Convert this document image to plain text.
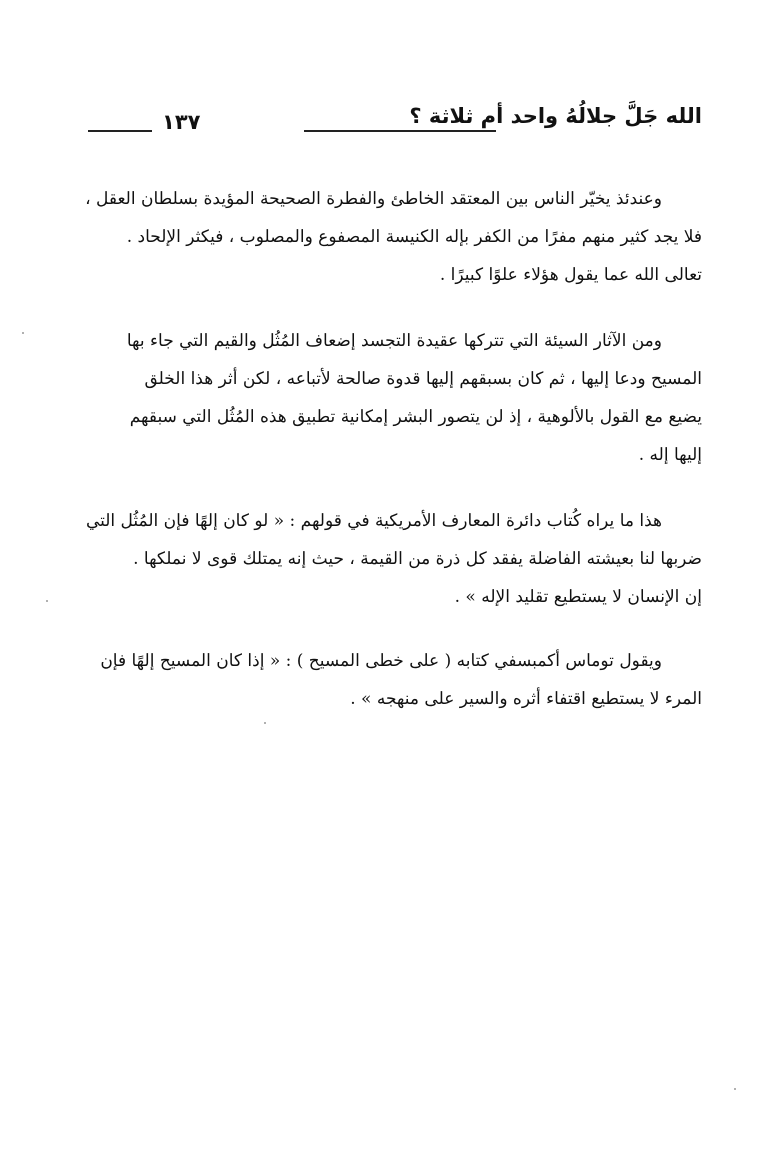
الله جَلَّ جلالُهُ واحد أم ثلاثة ؟
١٣٧
وعندئذ يخيّر الناس بين المعتقد الخاطئ والفطرة الصحيحة المؤيدة بسلطان العقل ،
فلا يجد كثير منهم مفرًا من الكفر بإله الكنيسة المصفوع والمصلوب ، فيكثر الإلحاد .
تعالى الله عما يقول هؤلاء علوًا كبيرًا .
ومن الآثار السيئة التي تتركها عقيدة التجسد إضعاف المُثُل والقيم التي جاء بها
المسيح ودعا إليها ، ثم كان بسبقهم إليها قدوة صالحة لأتباعه ، لكن أثر هذا الخلق
يضيع مع القول بالألوهية ، إذ لن يتصور البشر إمكانية تطبيق هذه المُثُل التي سبقهم
إليها إله .
هذا ما يراه كُتاب دائرة المعارف الأمريكية في قولهم : « لو كان إلهًا فإن المُثُل التي
ضربها لنا بعيشته الفاضلة يفقد كل ذرة من القيمة ، حيث إنه يمتلك قوى لا نملكها .
إن الإنسان لا يستطيع تقليد الإله » .
ويقول توماس أكمبسفي كتابه ( على خطى المسيح ) : « إذا كان المسيح إلهًا فإن
المرء لا يستطيع اقتفاء أثره والسير على منهجه » .
